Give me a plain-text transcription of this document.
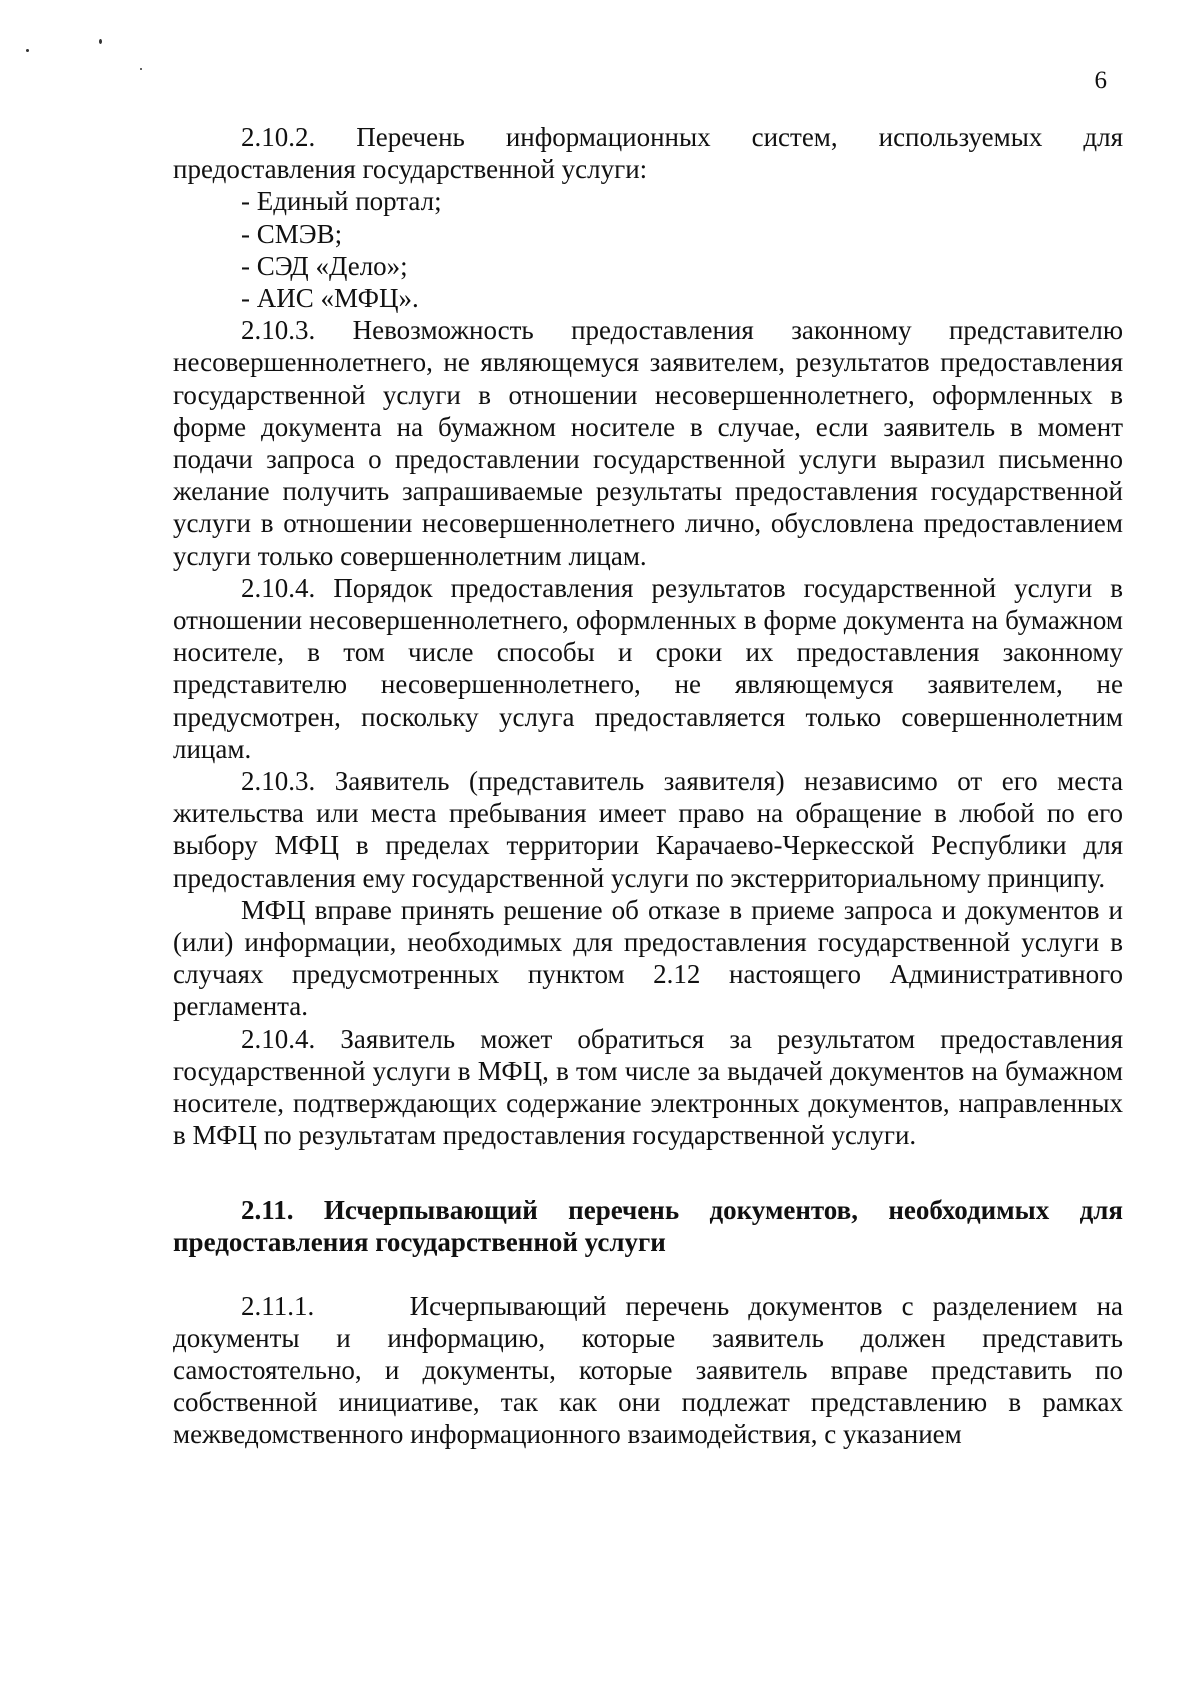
6

2.10.2. Перечень информационных систем, используемых для предоставления государственной услуги:

- Единый портал;

- СМЭВ;

- СЭД «Дело»;

- АИС «МФЦ».

2.10.3. Невозможность предоставления законному представителю несовершеннолетнего, не являющемуся заявителем, результатов предоставления государственной услуги в отношении несовершеннолетнего, оформленных в форме документа на бумажном носителе в случае, если заявитель в момент подачи запроса о предоставлении государственной услуги выразил письменно желание получить запрашиваемые результаты предоставления государственной услуги в отношении несовершеннолетнего лично, обусловлена предоставлением услуги только совершеннолетним лицам.

2.10.4. Порядок предоставления результатов государственной услуги в отношении несовершеннолетнего, оформленных в форме документа на бумажном носителе, в том числе способы и сроки их предоставления законному представителю несовершеннолетнего, не являющемуся заявителем, не предусмотрен, поскольку услуга предоставляется только совершеннолетним лицам.

2.10.3. Заявитель (представитель заявителя) независимо от его места жительства или места пребывания имеет право на обращение в любой по его выбору МФЦ в пределах территории Карачаево-Черкесской Республики для предоставления ему государственной услуги по экстерриториальному принципу.

МФЦ вправе принять решение об отказе в приеме запроса и документов и (или) информации, необходимых для предоставления государственной услуги в случаях предусмотренных пунктом 2.12 настоящего Административного регламента.

2.10.4. Заявитель может обратиться за результатом предоставления государственной услуги в МФЦ, в том числе за выдачей документов на бумажном носителе, подтверждающих содержание электронных документов, направленных в МФЦ по результатам предоставления государственной услуги.

2.11. Исчерпывающий перечень документов, необходимых для предоставления государственной услуги

2.11.1.     Исчерпывающий перечень документов с разделением на документы и информацию, которые заявитель должен представить самостоятельно, и документы, которые заявитель вправе представить по собственной инициативе, так как они подлежат представлению в рамках межведомственного информационного взаимодействия, с указанием
